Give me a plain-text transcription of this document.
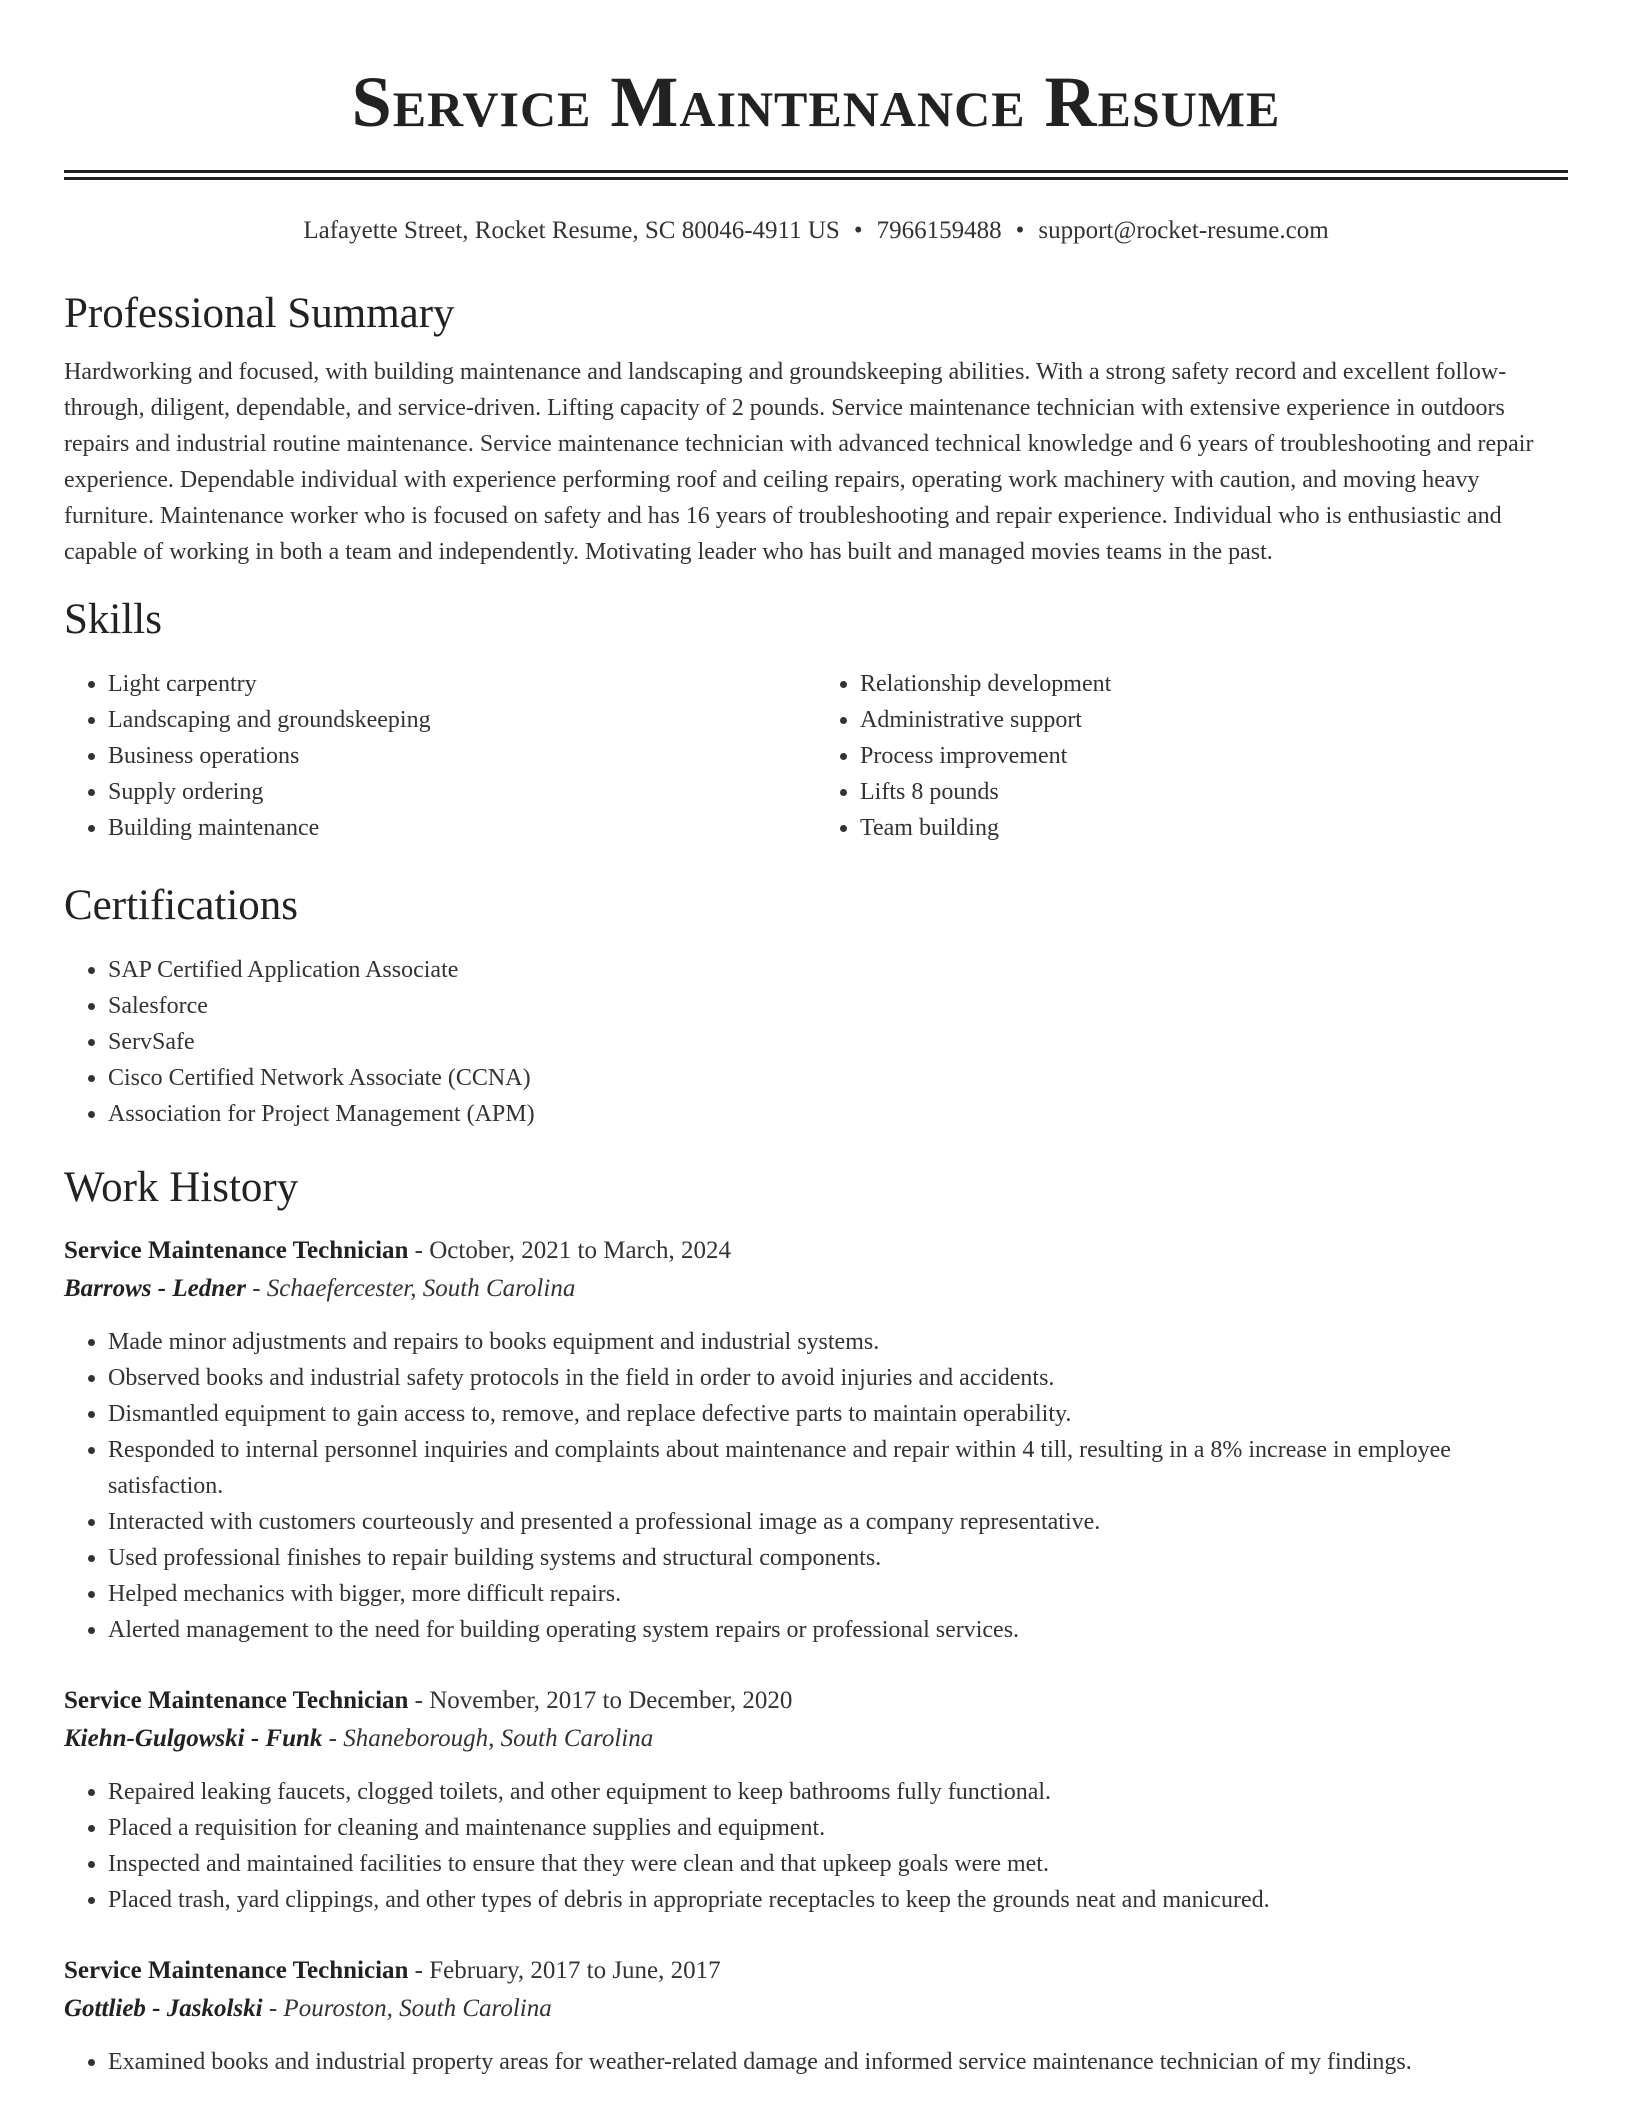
Service Maintenance Resume
Lafayette Street, Rocket Resume, SC 80046-4911 US • 7966159488 • support@rocket-resume.com
Professional Summary

Hardworking and focused, with building maintenance and landscaping and groundskeeping abilities. With a strong safety record and excellent follow-through, diligent, dependable, and service-driven. Lifting capacity of 2 pounds. Service maintenance technician with extensive experience in outdoors repairs and industrial routine maintenance. Service maintenance technician with advanced technical knowledge and 6 years of troubleshooting and repair experience. Dependable individual with experience performing roof and ceiling repairs, operating work machinery with caution, and moving heavy furniture. Maintenance worker who is focused on safety and has 16 years of troubleshooting and repair experience. Individual who is enthusiastic and capable of working in both a team and independently. Motivating leader who has built and managed movies teams in the past.

Skills
• Light carpentry
• Landscaping and groundskeeping
• Business operations
• Supply ordering
• Building maintenance
• Relationship development
• Administrative support
• Process improvement
• Lifts 8 pounds
• Team building
Certifications
• SAP Certified Application Associate
• Salesforce
• ServSafe
• Cisco Certified Network Associate (CCNA)
• Association for Project Management (APM)
Work History
Service Maintenance Technician - October, 2021 to March, 2024
Barrows - Ledner - Schaefercester, South Carolina
• Made minor adjustments and repairs to books equipment and industrial systems.
• Observed books and industrial safety protocols in the field in order to avoid injuries and accidents.
• Dismantled equipment to gain access to, remove, and replace defective parts to maintain operability.
• Responded to internal personnel inquiries and complaints about maintenance and repair within 4 till, resulting in a 8% increase in employee satisfaction.
• Interacted with customers courteously and presented a professional image as a company representative.
• Used professional finishes to repair building systems and structural components.
• Helped mechanics with bigger, more difficult repairs.
• Alerted management to the need for building operating system repairs or professional services.
Service Maintenance Technician - November, 2017 to December, 2020
Kiehn-Gulgowski - Funk - Shaneborough, South Carolina
• Repaired leaking faucets, clogged toilets, and other equipment to keep bathrooms fully functional.
• Placed a requisition for cleaning and maintenance supplies and equipment.
• Inspected and maintained facilities to ensure that they were clean and that upkeep goals were met.
• Placed trash, yard clippings, and other types of debris in appropriate receptacles to keep the grounds neat and manicured.
Service Maintenance Technician - February, 2017 to June, 2017
Gottlieb - Jaskolski - Pouroston, South Carolina
• Examined books and industrial property areas for weather-related damage and informed service maintenance technician of my findings.
